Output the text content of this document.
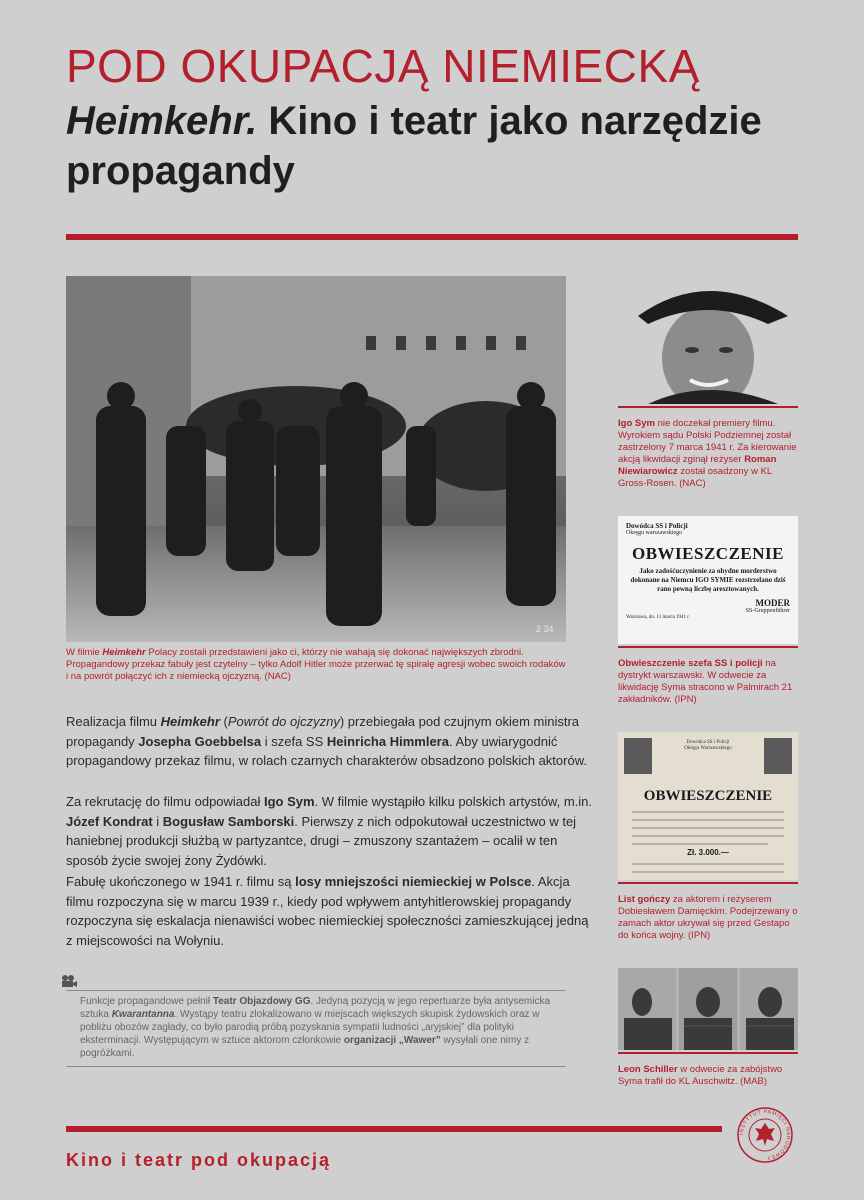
POD OKUPACJĄ NIEMIECKĄ
Heimkehr. Kino i teatr jako narzędzie propagandy
2 34

W filmie Heimkehr Polacy zostali przedstawieni jako ci, którzy nie wahają się dokonać największych zbrodni. Propagandowy przekaz fabuły jest czytelny – tylko Adolf Hitler może przerwać tę spiralę agresji wobec swoich rodaków i na powrót połączyć ich z niemiecką ojczyzną. (NAC)

Realizacja filmu Heimkehr (Powrót do ojczyzny) przebiegała pod czujnym okiem ministra propagandy Josepha Goebbelsa i szefa SS Heinricha Himmlera. Aby uwiarygodnić propagandowy przekaz filmu, w rolach czarnych charakterów obsadzono polskich aktorów.

Za rekrutację do filmu odpowiadał Igo Sym. W filmie wystąpiło kilku polskich artystów, m.in. Józef Kondrat i Bogusław Samborski. Pierwszy z nich odpokutował uczestnictwo w tej haniebnej produkcji służbą w partyzantce, drugi – zmuszony szantażem – ocalił w ten sposób życie swojej żony Żydówki.

Fabułę ukończonego w 1941 r. filmu są losy mniejszości niemieckiej w Polsce. Akcja filmu rozpoczyna się w marcu 1939 r., kiedy pod wpływem antyhitlerowskiej propagandy rozpoczyna się eskalacja nienawiści wobec niemieckiej społeczności zamieszkującej jedną z miejscowości na Wołyniu.

Funkcje propagandowe pełnił Teatr Objazdowy GG. Jedyną pozycją w jego repertuarze była antysemicka sztuka Kwarantanna. Wystąpy teatru zlokalizowano w miejscach większych skupisk żydowskich oraz w pobliżu obozów zagłady, co było parodią próbą pozyskania sympatii ludności „aryjskiej” dla polityki eksterminacji. Występującym w sztuce aktorom członkowie organizacji „Wawer” wysyłali one nimy z pogróżkami.

Igo Sym nie doczekał premiery filmu. Wyrokiem sądu Polski Podziemnej został zastrzelony 7 marca 1941 r. Za kierowanie akcją likwidacji zginął reżyser Roman Niewiarowicz został osadzony w KL Gross-Rosen. (NAC)

Dowódca SS i Policji
Okręgu warszawskiego
OBWIESZCZENIE
Jako zadośćuczynienie za ohydne morderstwo dokonane na Niemcu IGO SYMIE rozstrzelano dziś rano pewną liczbę aresztowanych.
MODER
SS-Gruppenführer
Warszawa, dn. 11 marca 1941 r.

Obwieszczenie szefa SS i policji na dystrykt warszawski. W odwecie za likwidację Syma stracono w Palmirach 21 zakładników. (IPN)

Dowódca SS i Policji
Okręgu Warszawskiego
OBWIESZCZENIE
Zł. 3.000.—

List gończy za aktorem i reżyserem Dobiesławem Damięckim. Podejrzewany o zamach aktor ukrywał się przed Gestapo do końca wojny. (IPN)

Leon Schiller w odwecie za zabójstwo Syma trafił do KL Auschwitz. (MAB)

Kino i teatr pod okupacją

INSTYTUT PAMIĘCI NARODOWEJ
